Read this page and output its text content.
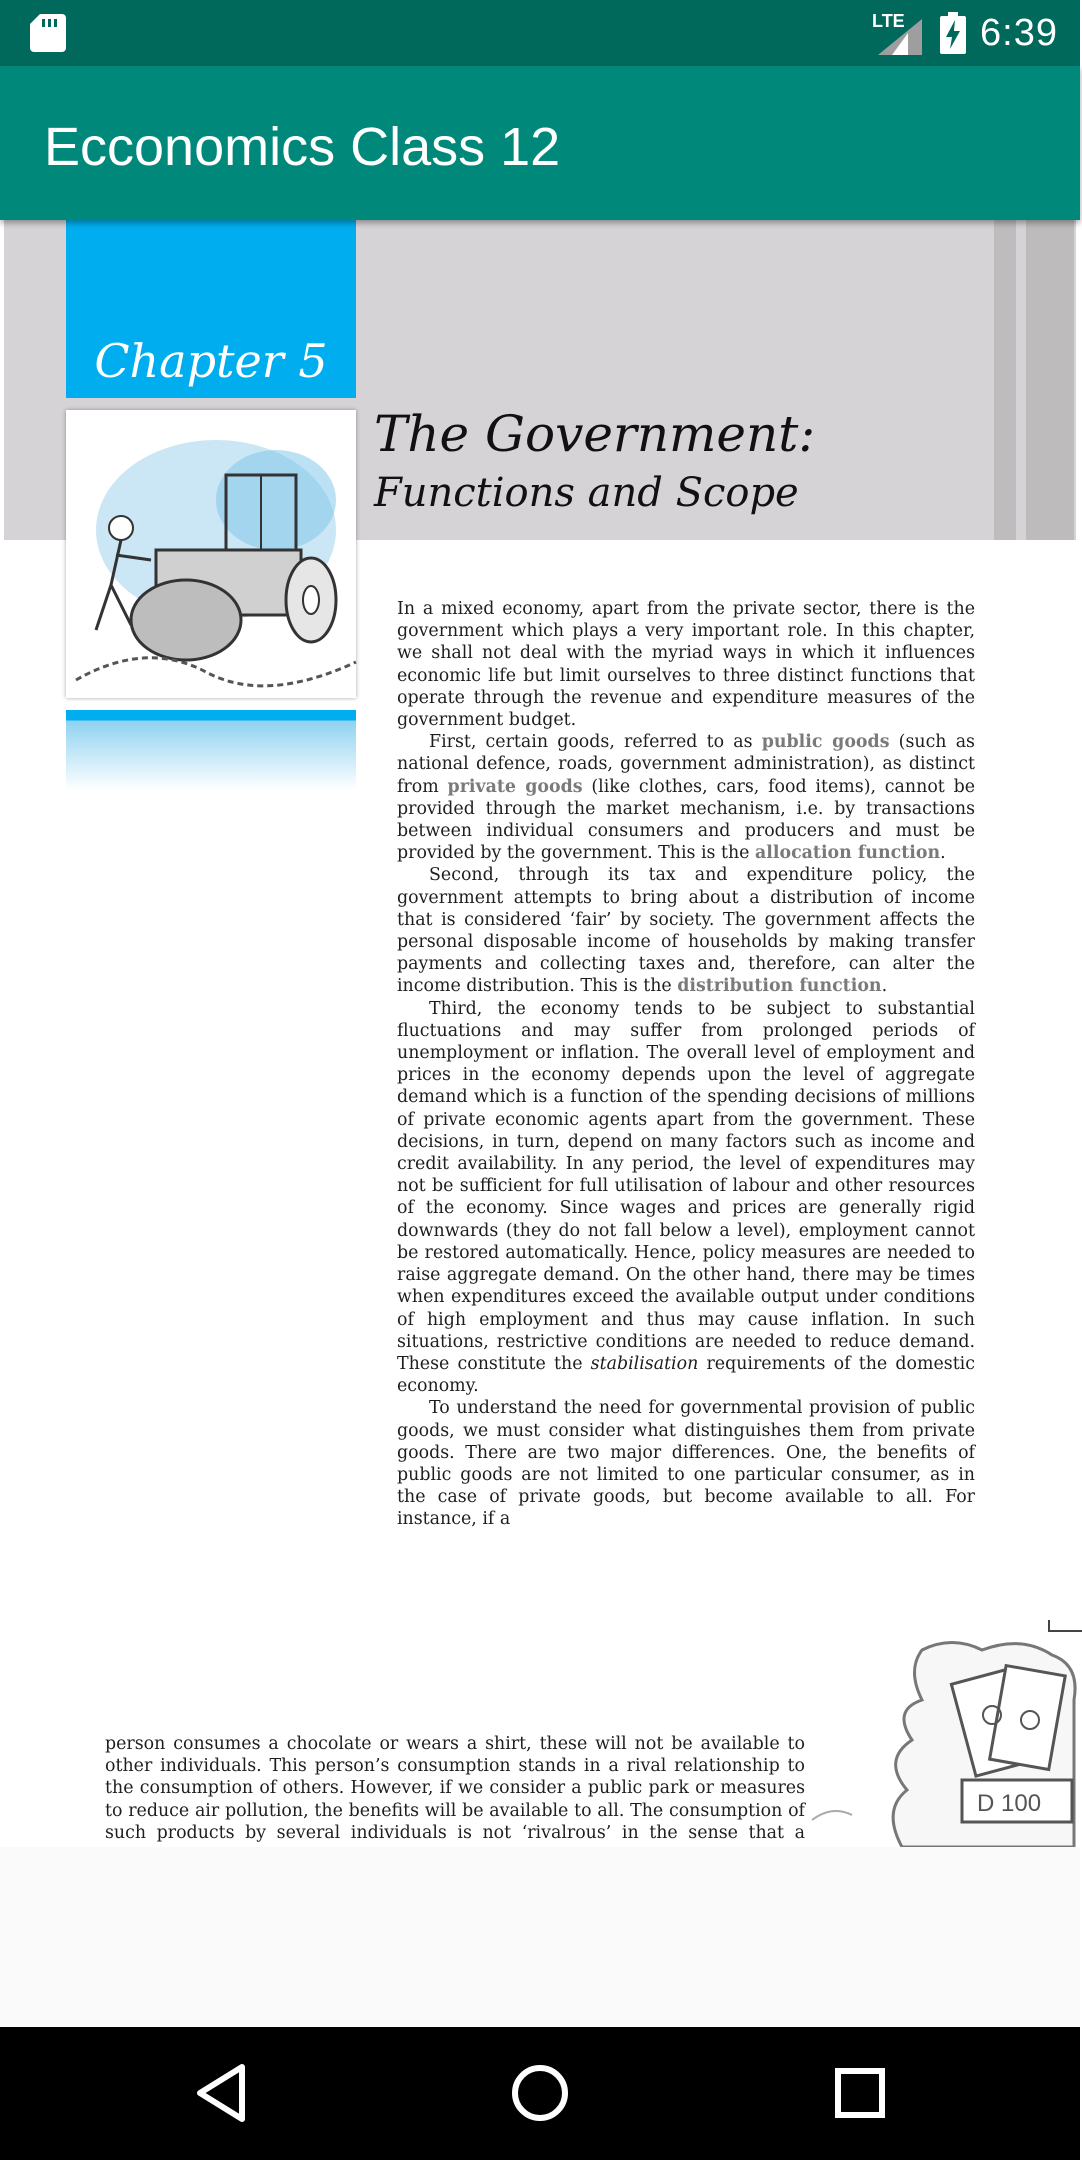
LTE 6:39
Ecconomics Class 12
Chapter 5
The Government:
Functions and Scope

In a mixed economy, apart from the private sector, there is the government which plays a very important role. In this chapter, we shall not deal with the myriad ways in which it influences economic life but limit ourselves to three distinct functions that operate through the revenue and expenditure measures of the government budget.

First, certain goods, referred to as public goods (such as national defence, roads, government administration), as distinct from private goods (like clothes, cars, food items), cannot be provided through the market mechanism, i.e. by transactions between individual consumers and producers and must be provided by the government. This is the allocation function.

Second, through its tax and expenditure policy, the government attempts to bring about a distribution of income that is considered ‘fair’ by society. The government affects the personal disposable income of households by making transfer payments and collecting taxes and, therefore, can alter the income distribution. This is the distribution function.

Third, the economy tends to be subject to substantial fluctuations and may suffer from prolonged periods of unemployment or inflation. The overall level of employment and prices in the economy depends upon the level of aggregate demand which is a function of the spending decisions of millions of private economic agents apart from the government. These decisions, in turn, depend on many factors such as income and credit availability. In any period, the level of expenditures may not be sufficient for full utilisation of labour and other resources of the economy. Since wages and prices are generally rigid downwards (they do not fall below a level), employment cannot be restored automatically. Hence, policy measures are needed to raise aggregate demand. On the other hand, there may be times when expenditures exceed the available output under conditions of high employment and thus may cause inflation. In such situations, restrictive conditions are needed to reduce demand. These constitute the stabilisation requirements of the domestic economy.

To understand the need for governmental provision of public goods, we must consider what distinguishes them from private goods. There are two major differences. One, the benefits of public goods are not limited to one particular consumer, as in the case of private goods, but become available to all. For instance, if a

D 100
person consumes a chocolate or wears a shirt, these will not be available to other individuals. This person’s consumption stands in a rival relationship to the consumption of others. However, if we consider a public park or measures to reduce air pollution, the benefits will be available to all. The consumption of such products by several individuals is not ‘rivalrous’ in the sense that a
